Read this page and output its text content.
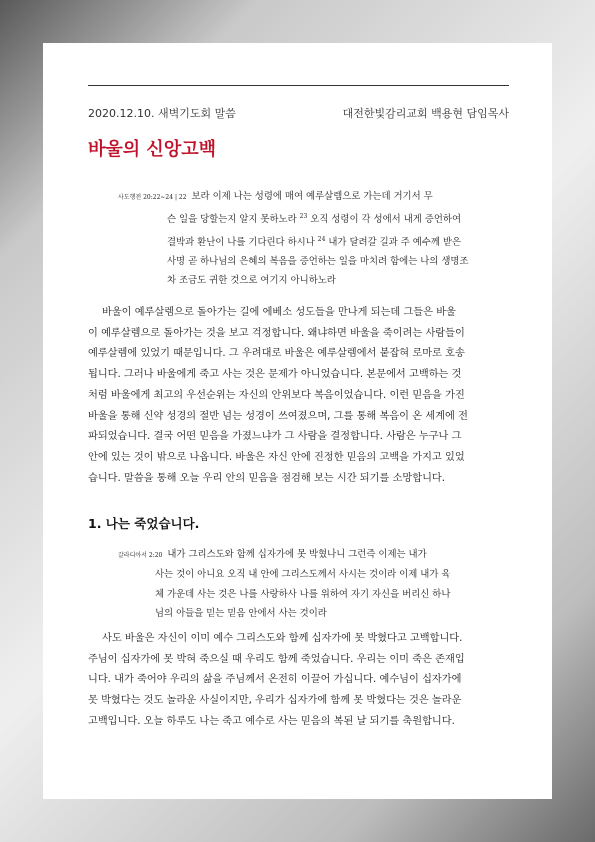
2020.12.10. 새벽기도회 말씀	대전한빛감리교회 백용현 담임목사
바울의 신앙고백
사도행전 20:22~24 | 22 보라 이제 나는 성령에 매여 예루살렘으로 가는데 거기서 무
슨 일을 당할는지 알지 못하노라 $^{23}$ 오직 성령이 각 성에서 내게 증언하여
결박과 환난이 나를 기다린다 하시나 $^{24}$ 내가 달려갈 길과 주 예수께 받은
사명 곧 하나님의 은혜의 복음을 증언하는 일을 마치려 함에는 나의 생명조
차 조금도 귀한 것으로 여기지 아니하노라
바울이 예루살렘으로 돌아가는 길에 에베소 성도들을 만나게 되는데 그들은 바울
이 예루살렘으로 돌아가는 것을 보고 걱정합니다. 왜냐하면 바울을 죽이려는 사람들이
예루살렘에 있었기 때문입니다. 그 우려대로 바울은 예루살렘에서 붙잡혀 로마로 호송
됩니다. 그러나 바울에게 죽고 사는 것은 문제가 아니었습니다. 본문에서 고백하는 것
처럼 바울에게 최고의 우선순위는 자신의 안위보다 복음이었습니다. 이런 믿음을 가진
바울을 통해 신약 성경의 절반 넘는 성경이 쓰여졌으며, 그를 통해 복음이 온 세계에 전
파되었습니다. 결국 어떤 믿음을 가졌느냐가 그 사람을 결정합니다. 사람은 누구나 그
안에 있는 것이 밖으로 나옵니다. 바울은 자신 안에 진정한 믿음의 고백을 가지고 있었
습니다. 말씀을 통해 오늘 우리 안의 믿음을 점검해 보는 시간 되기를 소망합니다.
1. 나는 죽었습니다.
갈라디아서 2:20 내가 그리스도와 함께 십자가에 못 박혔나니 그런즉 이제는 내가
사는 것이 아니요 오직 내 안에 그리스도께서 사시는 것이라 이제 내가 육
체 가운데 사는 것은 나를 사랑하사 나를 위하여 자기 자신을 버리신 하나
님의 아들을 믿는 믿음 안에서 사는 것이라
사도 바울은 자신이 이미 예수 그리스도와 함께 십자가에 못 박혔다고 고백합니다.
주님이 십자가에 못 박혀 죽으실 때 우리도 함께 죽었습니다. 우리는 이미 죽은 존재입
니다. 내가 죽어야 우리의 삶을 주님께서 온전히 이끌어 가십니다. 예수님이 십자가에
못 박혔다는 것도 놀라운 사실이지만, 우리가 십자가에 함께 못 박혔다는 것은 놀라운
고백입니다. 오늘 하루도 나는 죽고 예수로 사는 믿음의 복된 날 되기를 축원합니다.
